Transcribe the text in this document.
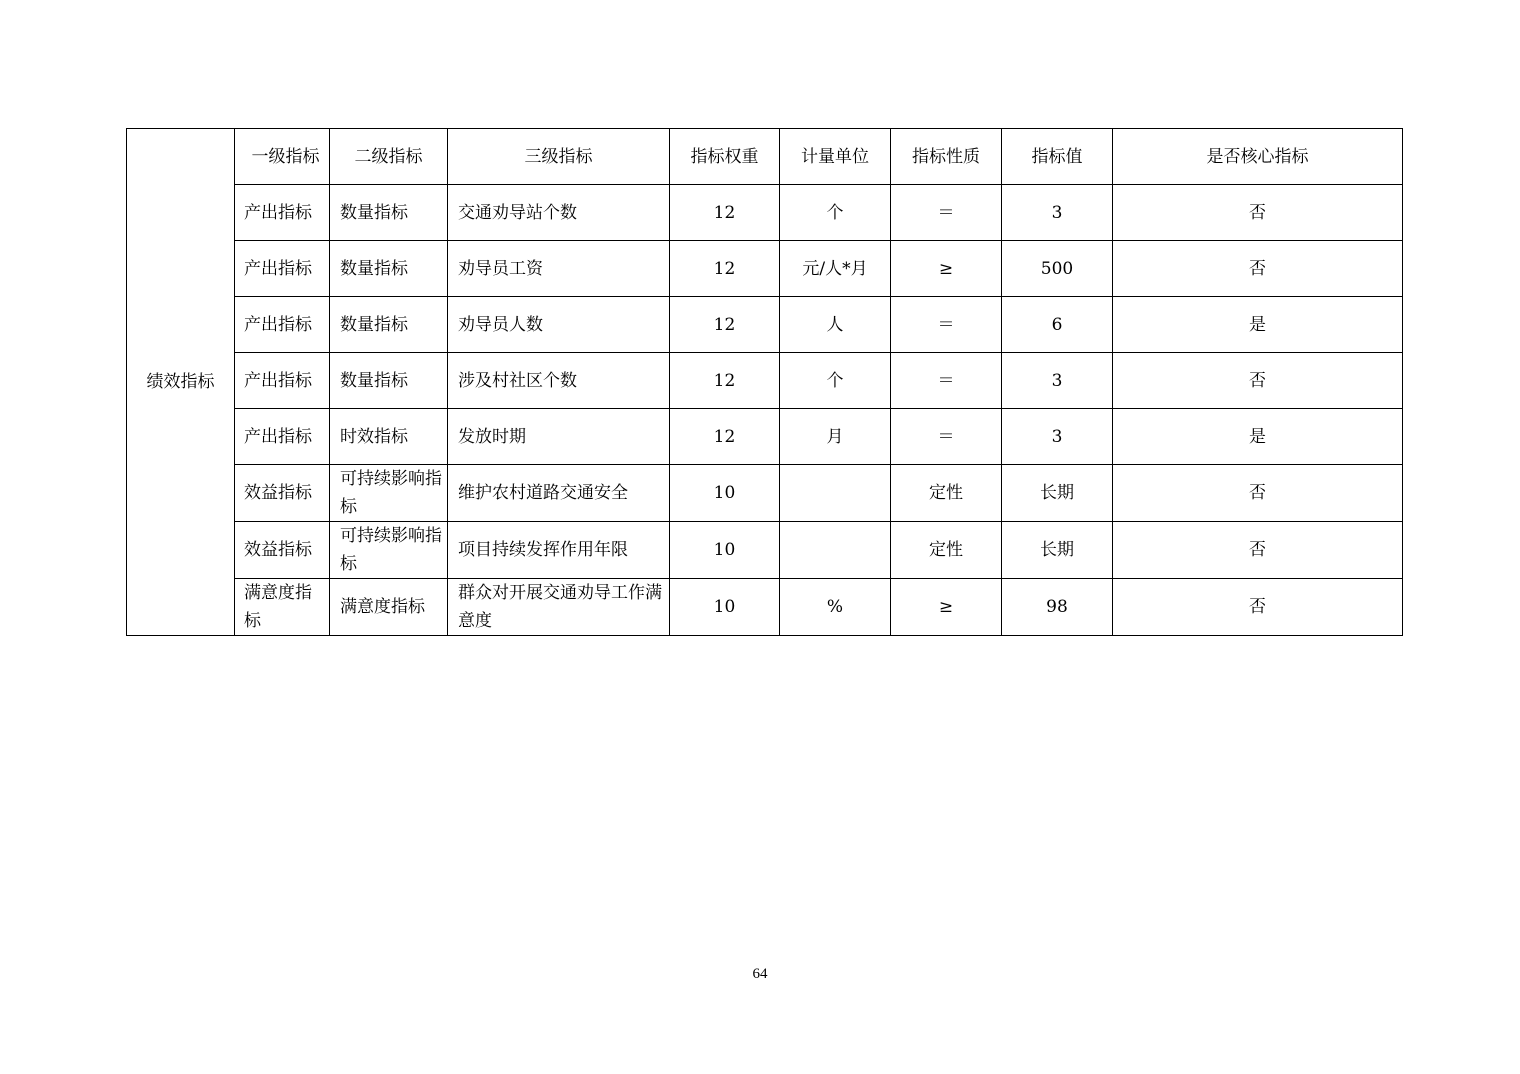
绩效指标	一级指标	二级指标	三级指标	指标权重	计量单位	指标性质	指标值	是否核心指标
	产出指标	数量指标	交通劝导站个数	12	个	＝	3	否
	产出指标	数量指标	劝导员工资	12	元/人*月	≥	500	否
	产出指标	数量指标	劝导员人数	12	人	＝	6	是
	产出指标	数量指标	涉及村社区个数	12	个	＝	3	否
	产出指标	时效指标	发放时期	12	月	＝	3	是
	效益指标	可持续影响指标	维护农村道路交通安全	10		定性	长期	否
	效益指标	可持续影响指标	项目持续发挥作用年限	10		定性	长期	否
	满意度指标	满意度指标	群众对开展交通劝导工作满意度	10	%	≥	98	否
64
